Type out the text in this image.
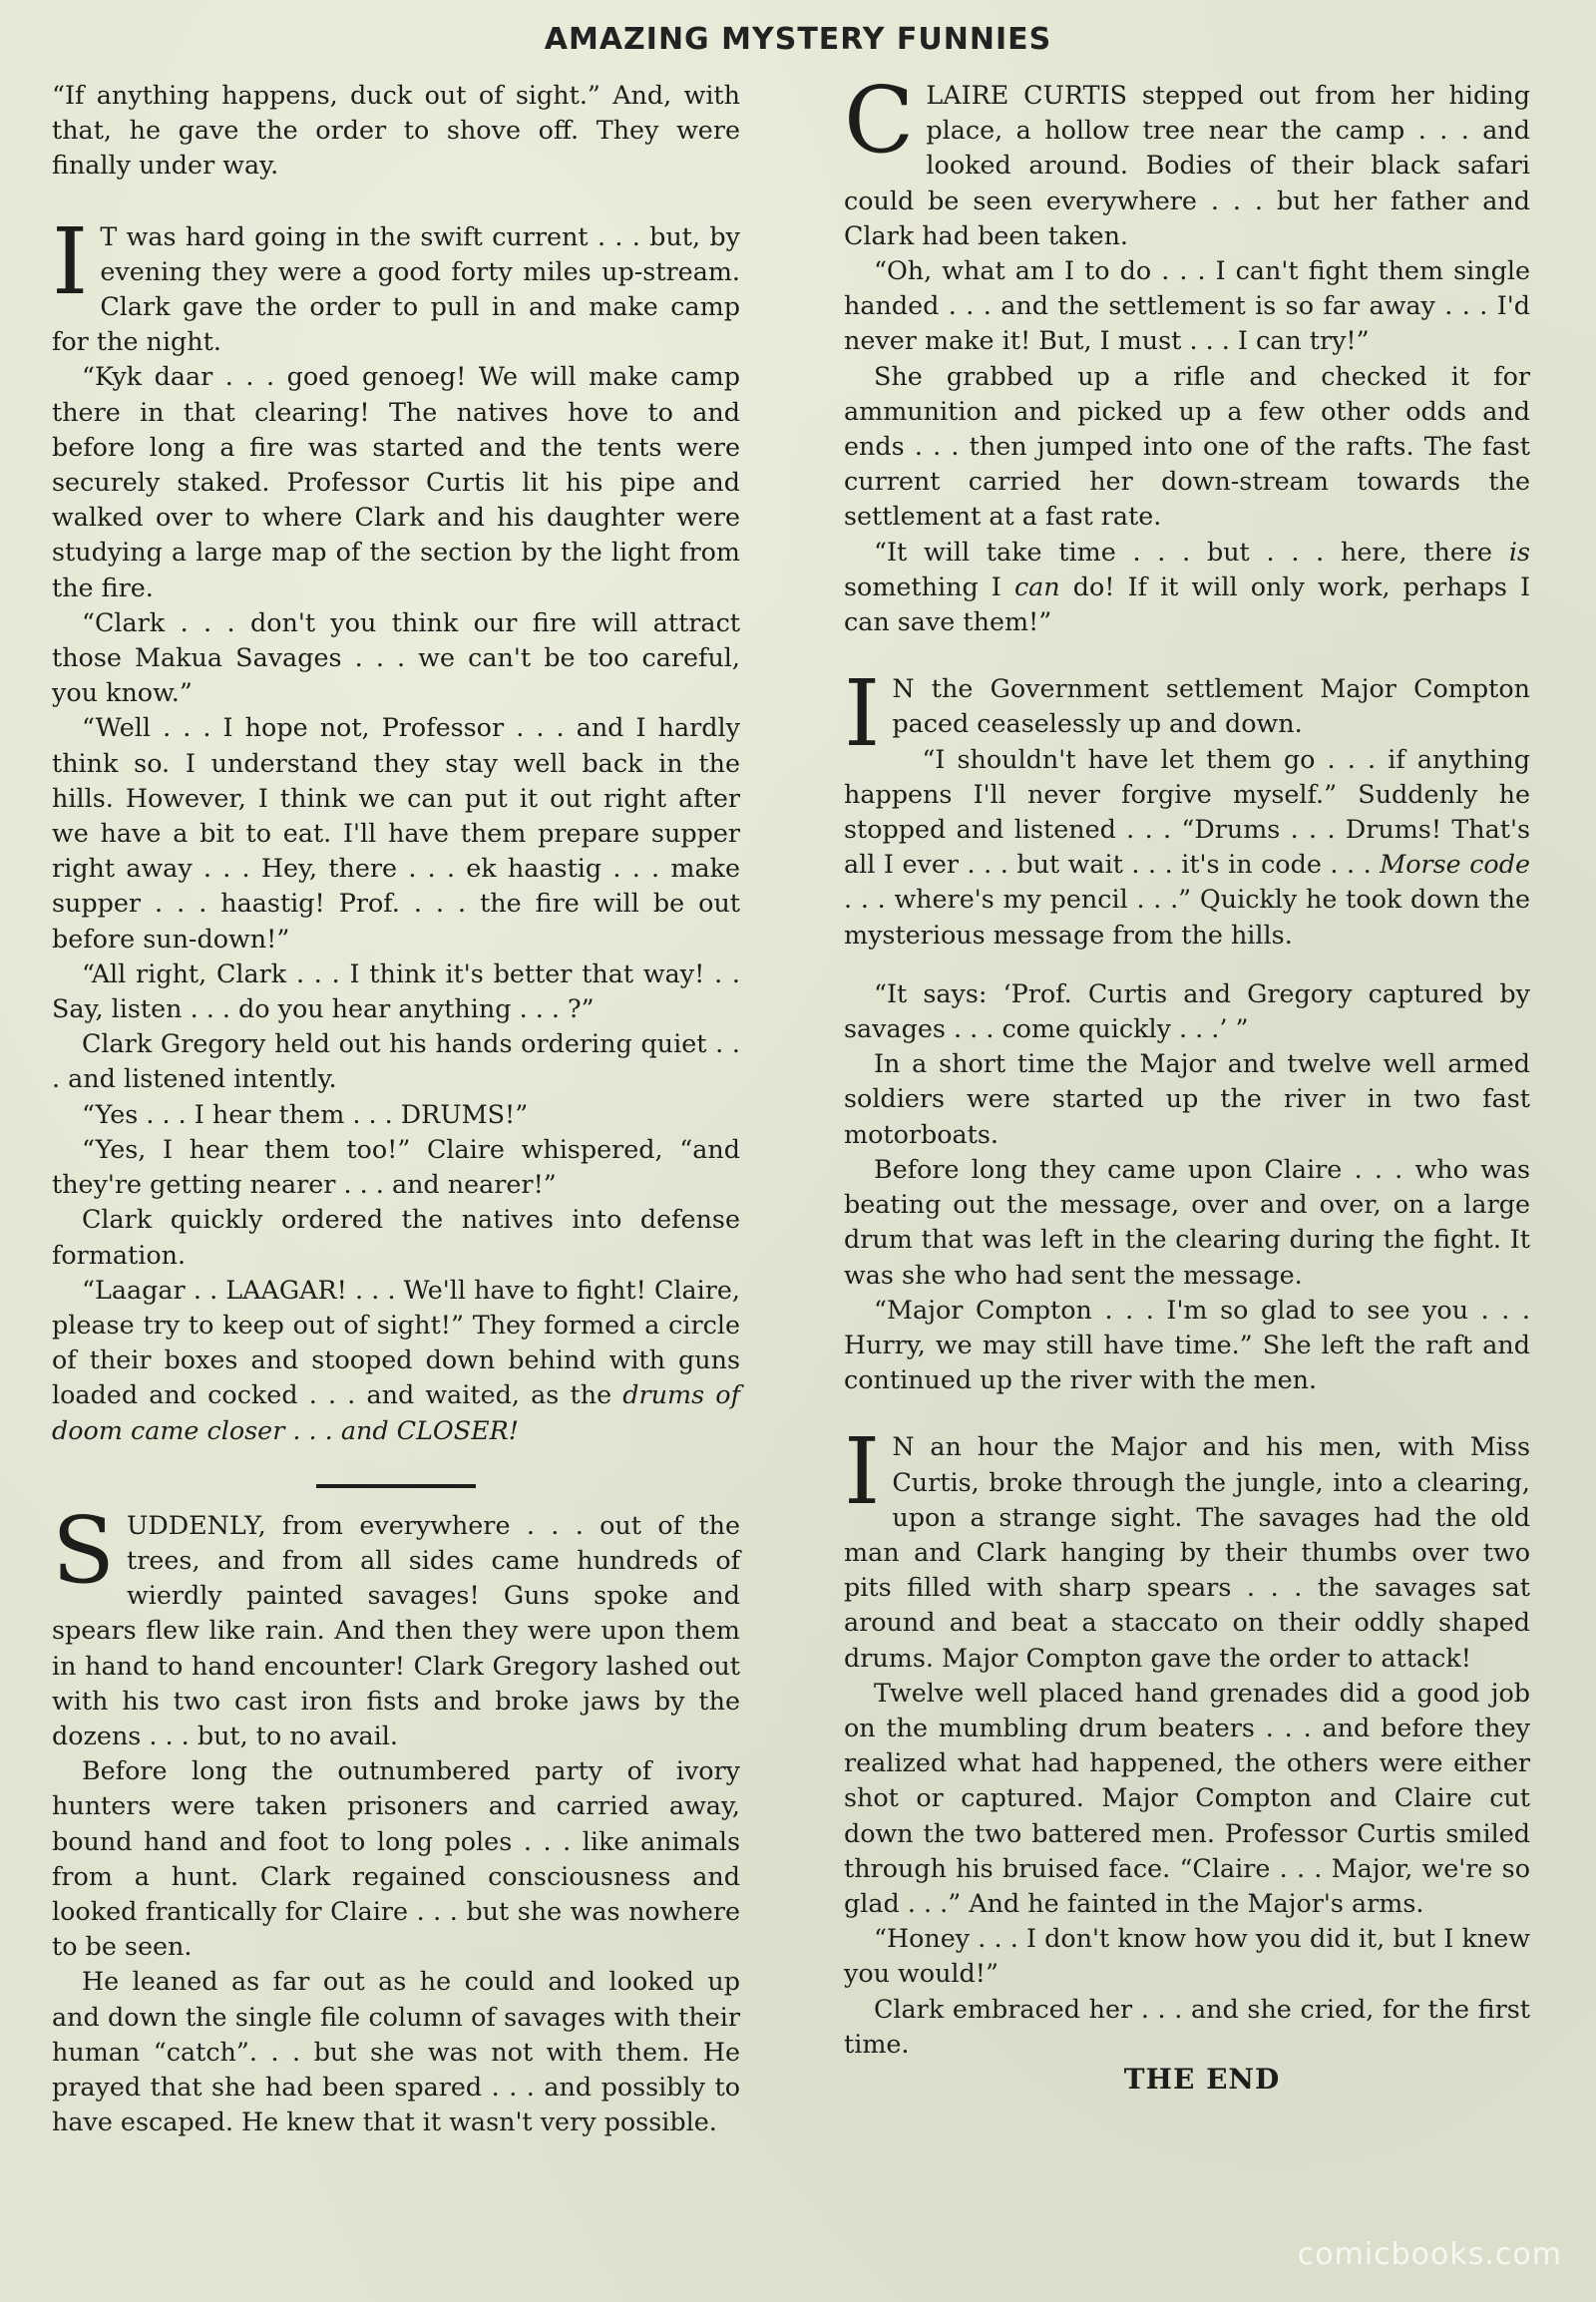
AMAZING MYSTERY FUNNIES

“If anything happens, duck out of sight.” And, with that, he gave the order to shove off. They were finally under way.

I T was hard going in the swift current . . . but, by evening they were a good forty miles up-stream. Clark gave the order to pull in and make camp for the night.

“Kyk daar . . . goed genoeg! We will make camp there in that clearing! The natives hove to and before long a fire was started and the tents were securely staked. Professor Curtis lit his pipe and walked over to where Clark and his daughter were studying a large map of the section by the light from the fire.

“Clark . . . don't you think our fire will attract those Makua Savages . . . we can't be too careful, you know.”

“Well . . . I hope not, Professor . . . and I hardly think so. I understand they stay well back in the hills. However, I think we can put it out right after we have a bit to eat. I'll have them prepare supper right away . . . Hey, there . . . ek haastig . . . make supper . . . haastig! Prof. . . . the fire will be out before sun-down!”

“All right, Clark . . . I think it's better that way! . . Say, listen . . . do you hear anything . . . ?”

Clark Gregory held out his hands ordering quiet . . . and listened intently.

“Yes . . . I hear them . . . DRUMS!”

“Yes, I hear them too!” Claire whispered, “and they're getting nearer . . . and nearer!”

Clark quickly ordered the natives into defense formation.

“Laagar . . LAAGAR! . . . We'll have to fight! Claire, please try to keep out of sight!” They formed a circle of their boxes and stooped down behind with guns loaded and cocked . . . and waited, as the drums of doom came closer . . . and CLOSER!

SUDDENLY, from everywhere . . . out of the trees, and from all sides came hundreds of wierdly painted savages! Guns spoke and spears flew like rain. And then they were upon them in hand to hand encounter! Clark Gregory lashed out with his two cast iron fists and broke jaws by the dozens . . . but, to no avail.

Before long the outnumbered party of ivory hunters were taken prisoners and carried away, bound hand and foot to long poles . . . like animals from a hunt. Clark regained consciousness and looked frantically for Claire . . . but she was nowhere to be seen.

He leaned as far out as he could and looked up and down the single file column of savages with their human “catch”. . . but she was not with them. He prayed that she had been spared . . . and possibly to have escaped. He knew that it wasn't very possible.

CLAIRE CURTIS stepped out from her hiding place, a hollow tree near the camp . . . and looked around. Bodies of their black safari could be seen everywhere . . . but her father and Clark had been taken.

“Oh, what am I to do . . . I can't fight them single handed . . . and the settlement is so far away . . . I'd never make it! But, I must . . . I can try!”

She grabbed up a rifle and checked it for ammunition and picked up a few other odds and ends . . . then jumped into one of the rafts. The fast current carried her down-stream towards the settlement at a fast rate.

“It will take time . . . but . . . here, there is something I can do! If it will only work, perhaps I can save them!”

I N the Government settlement Major Compton paced ceaselessly up and down.

“I shouldn't have let them go . . . if anything happens I'll never forgive myself.” Suddenly he stopped and listened . . . “Drums . . . Drums! That's all I ever . . . but wait . . . it's in code . . . Morse code . . . where's my pencil . . .” Quickly he took down the mysterious message from the hills.

“It says: ‘Prof. Curtis and Gregory captured by savages . . . come quickly . . .’ ”

In a short time the Major and twelve well armed soldiers were started up the river in two fast motorboats.

Before long they came upon Claire . . . who was beating out the message, over and over, on a large drum that was left in the clearing during the fight. It was she who had sent the message.

“Major Compton . . . I'm so glad to see you . . . Hurry, we may still have time.” She left the raft and continued up the river with the men.

I N an hour the Major and his men, with Miss Curtis, broke through the jungle, into a clearing, upon a strange sight. The savages had the old man and Clark hanging by their thumbs over two pits filled with sharp spears . . . the savages sat around and beat a staccato on their oddly shaped drums. Major Compton gave the order to attack!

Twelve well placed hand grenades did a good job on the mumbling drum beaters . . . and before they realized what had happened, the others were either shot or captured. Major Compton and Claire cut down the two battered men. Professor Curtis smiled through his bruised face. “Claire . . . Major, we're so glad . . .” And he fainted in the Major's arms.

“Honey . . . I don't know how you did it, but I knew you would!”

Clark embraced her . . . and she cried, for the first time.

THE END

comicbooks.com
